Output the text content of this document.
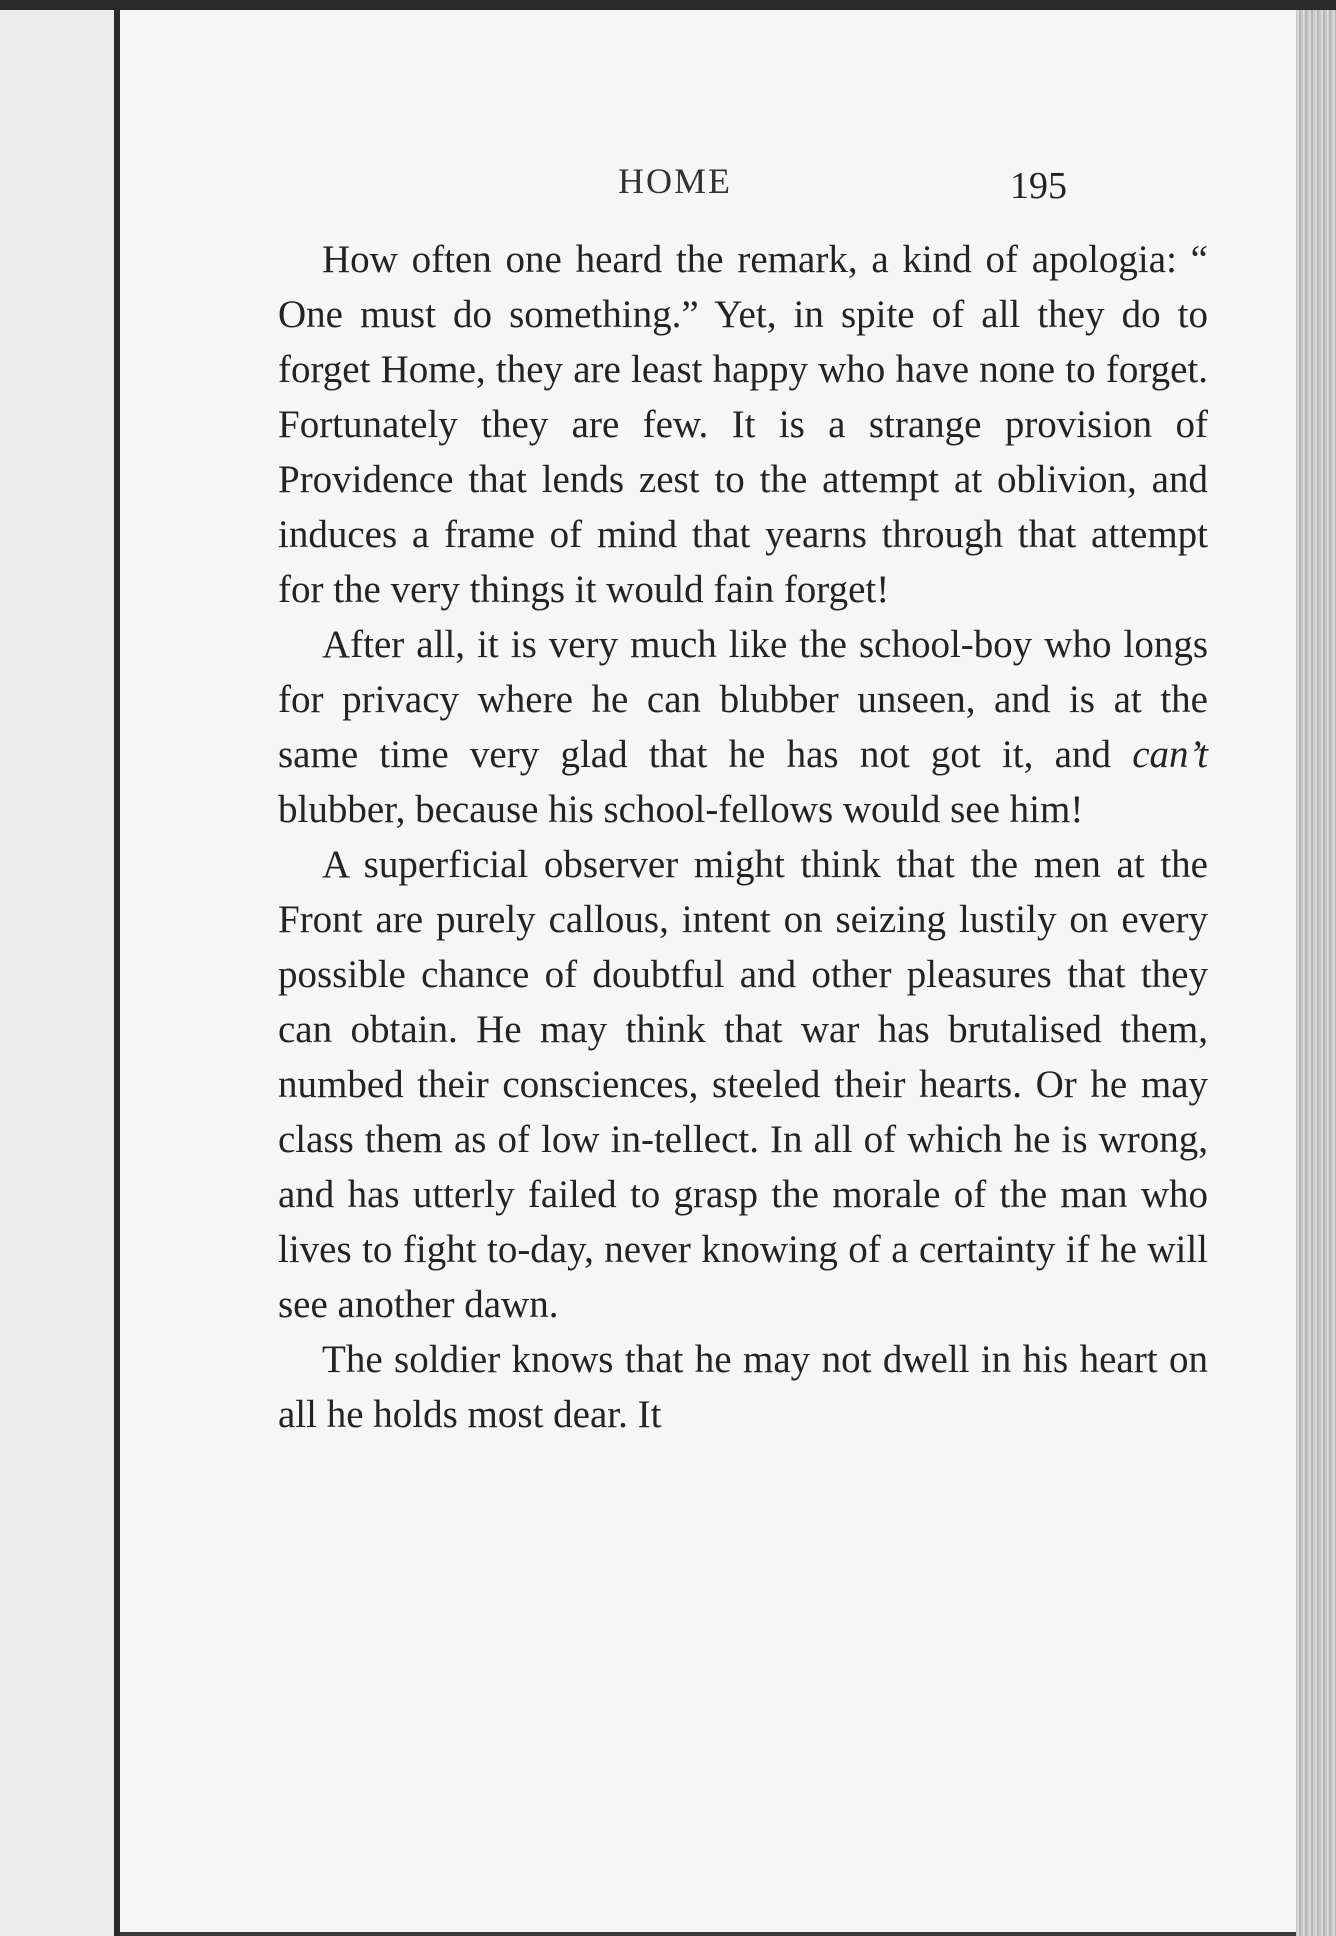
HOME	195

How often one heard the remark, a kind of apologia: “ One must do something.” Yet, in spite of all they do to forget Home, they are least happy who have none to forget. Fortunately they are few. It is a strange provision of Providence that lends zest to the attempt at oblivion, and induces a frame of mind that yearns through that attempt for the very things it would fain forget!

After all, it is very much like the school-boy who longs for privacy where he can blubber unseen, and is at the same time very glad that he has not got it, and can’t blubber, because his school-fellows would see him!

A superficial observer might think that the men at the Front are purely callous, intent on seizing lustily on every possible chance of doubtful and other pleasures that they can obtain. He may think that war has brutalised them, numbed their consciences, steeled their hearts. Or he may class them as of low in-tellect. In all of which he is wrong, and has utterly failed to grasp the morale of the man who lives to fight to-day, never knowing of a certainty if he will see another dawn.

The soldier knows that he may not dwell in his heart on all he holds most dear. It
